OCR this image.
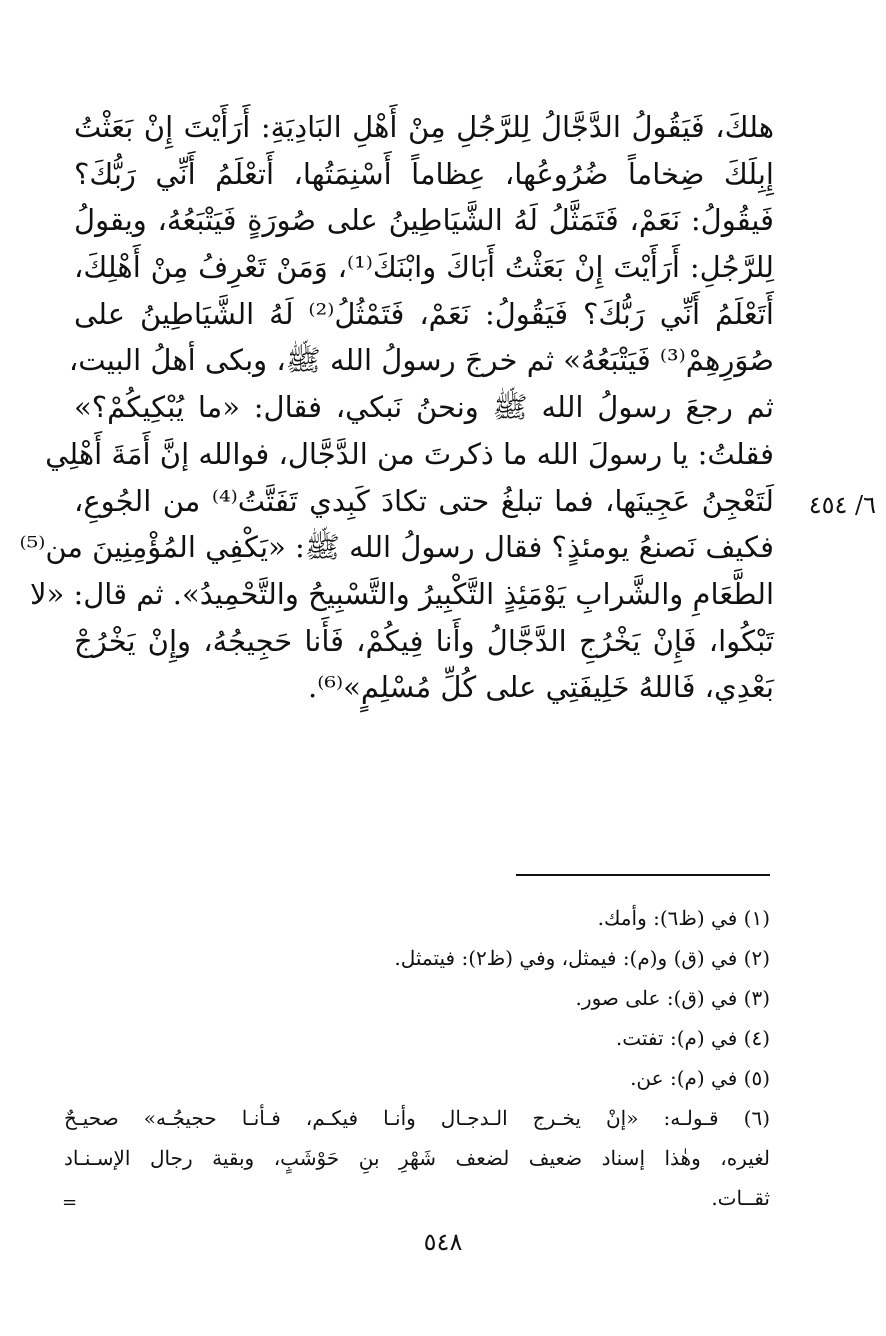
هلكَ، فَيَقُولُ الدَّجَّالُ لِلرَّجُلِ مِنْ أَهْلِ البَادِيَةِ: أَرَأَيْتَ إِنْ بَعَثْتُ
إِبِلَكَ ضِخاماً ضُرُوعُها، عِظاماً أَسْنِمَتُها، أَتعْلَمُ أَنِّي رَبُّكَ؟
فَيقُولُ: نَعَمْ، فَتَمَثَّلُ لَهُ الشَّيَاطِينُ على صُورَةٍ فَيَتْبَعُهُ، ويقولُ
لِلرَّجُلِ: أَرَأَيْتَ إِنْ بَعَثْتُ أَبَاكَ وابْنَكَ⁽¹⁾، وَمَنْ تَعْرِفُ مِنْ أَهْلِكَ،
أَتَعْلَمُ أَنِّي رَبُّكَ؟ فَيَقُولُ: نَعَمْ، فَتَمْثُلُ⁽²⁾ لَهُ الشَّيَاطِينُ على
صُوَرِهِمْ⁽³⁾ فَيَتْبَعُهُ» ثم خرجَ رسولُ الله ﷺ، وبكى أهلُ البيت،
ثم رجعَ رسولُ الله ﷺ ونحنُ نَبكي، فقال: «ما يُبْكِيكُمْ؟»
فقلتُ: يا رسولَ الله ما ذكرتَ من الدَّجَّال، فوالله إنَّ أَمَةَ أَهْلِي
لَتَعْجِنُ عَجِينَها، فما تبلغُ حتى تكادَ كَبِدي تَفَتَّتُ⁽⁴⁾ من الجُوعِ،
فكيف نَصنعُ يومئذٍ؟ فقال رسولُ الله ﷺ: «يَكْفِي المُؤْمِنِينَ من⁽⁵⁾
الطَّعَامِ والشَّرابِ يَوْمَئِذٍ التَّكْبِيرُ والتَّسْبِيحُ والتَّحْمِيدُ». ثم قال: «لا
تَبْكُوا، فَإِنْ يَخْرُجِ الدَّجَّالُ وأَنا فِيكُمْ، فَأَنا حَجِيجُهُ، وإِنْ يَخْرُجْ
بَعْدِي، فَاللهُ خَلِيفَتِي على كُلِّ مُسْلِمٍ»⁽⁶⁾.
٦/ ٤٥٤
(١) في (ظ٦): وأمك.
(٢) في (ق) و(م): فيمثل، وفي (ظ٢): فيتمثل.
(٣) في (ق): على صور.
(٤) في (م): تفتت.
(٥) في (م): عن.
(٦) قـولـه: «إنْ يخـرج الـدجـال وأنـا فيكـم، فـأنـا حجيجُـه» صحيـحٌ
لغيره، وهٰذا إسناد ضعيف لضعف شَهْرِ بنِ حَوْشَبٍ، وبقية رجال الإسـنـاد
ثقــات.
=
٥٤٨
